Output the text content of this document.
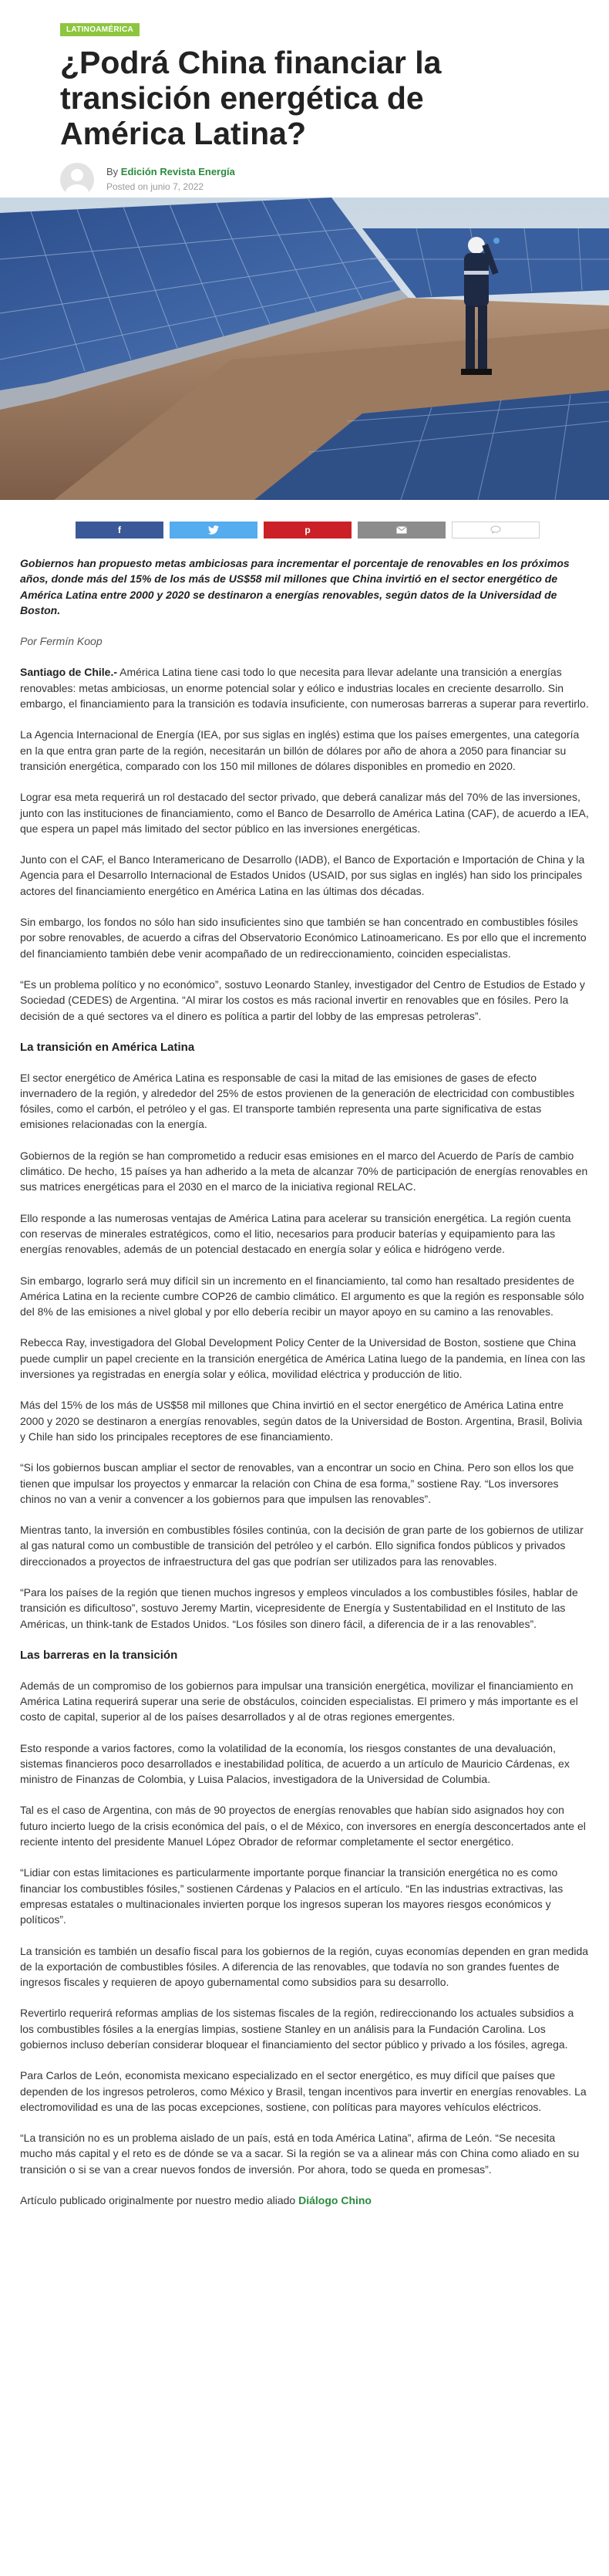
LATINOAMÉRICA
¿Podrá China financiar la transición energética de América Latina?
By Edición Revista Energía
Posted on junio 7, 2022
f	p

Gobiernos han propuesto metas ambiciosas para incrementar el porcentaje de renovables en los próximos años, donde más del 15% de los más de US$58 mil millones que China invirtió en el sector energético de América Latina entre 2000 y 2020 se destinaron a energías renovables, según datos de la Universidad de Boston.

Por Fermín Koop

Santiago de Chile.- América Latina tiene casi todo lo que necesita para llevar adelante una transición a energías renovables: metas ambiciosas, un enorme potencial solar y eólico e industrias locales en creciente desarrollo. Sin embargo, el financiamiento para la transición es todavía insuficiente, con numerosas barreras a superar para revertirlo.

La Agencia Internacional de Energía (IEA, por sus siglas en inglés) estima que los países emergentes, una categoría en la que entra gran parte de la región, necesitarán un billón de dólares por año de ahora a 2050 para financiar su transición energética, comparado con los 150 mil millones de dólares disponibles en promedio en 2020.

Lograr esa meta requerirá un rol destacado del sector privado, que deberá canalizar más del 70% de las inversiones, junto con las instituciones de financiamiento, como el Banco de Desarrollo de América Latina (CAF), de acuerdo a IEA, que espera un papel más limitado del sector público en las inversiones energéticas.

Junto con el CAF, el Banco Interamericano de Desarrollo (IADB), el Banco de Exportación e Importación de China y la Agencia para el Desarrollo Internacional de Estados Unidos (USAID, por sus siglas en inglés) han sido los principales actores del financiamiento energético en América Latina en las últimas dos décadas.

Sin embargo, los fondos no sólo han sido insuficientes sino que también se han concentrado en combustibles fósiles por sobre renovables, de acuerdo a cifras del Observatorio Económico Latinoamericano. Es por ello que el incremento del financiamiento también debe venir acompañado de un redireccionamiento, coinciden especialistas.

“Es un problema político y no económico”, sostuvo Leonardo Stanley, investigador del Centro de Estudios de Estado y Sociedad (CEDES) de Argentina. “Al mirar los costos es más racional invertir en renovables que en fósiles. Pero la decisión de a qué sectores va el dinero es política a partir del lobby de las empresas petroleras”.

La transición en América Latina

El sector energético de América Latina es responsable de casi la mitad de las emisiones de gases de efecto invernadero de la región, y alrededor del 25% de estos provienen de la generación de electricidad con combustibles fósiles, como el carbón, el petróleo y el gas. El transporte también representa una parte significativa de estas emisiones relacionadas con la energía.

Gobiernos de la región se han comprometido a reducir esas emisiones en el marco del Acuerdo de París de cambio climático. De hecho, 15 países ya han adherido a la meta de alcanzar 70% de participación de energías renovables en sus matrices energéticas para el 2030 en el marco de la iniciativa regional RELAC.

Ello responde a las numerosas ventajas de América Latina para acelerar su transición energética. La región cuenta con reservas de minerales estratégicos, como el litio, necesarios para producir baterías y equipamiento para las energías renovables, además de un potencial destacado en energía solar y eólica e hidrógeno verde.

Sin embargo, lograrlo será muy difícil sin un incremento en el financiamiento, tal como han resaltado presidentes de América Latina en la reciente cumbre COP26 de cambio climático. El argumento es que la región es responsable sólo del 8% de las emisiones a nivel global y por ello debería recibir un mayor apoyo en su camino a las renovables.

Rebecca Ray, investigadora del Global Development Policy Center de la Universidad de Boston, sostiene que China puede cumplir un papel creciente en la transición energética de América Latina luego de la pandemia, en línea con las inversiones ya registradas en energía solar y eólica, movilidad eléctrica y producción de litio.

Más del 15% de los más de US$58 mil millones que China invirtió en el sector energético de América Latina entre 2000 y 2020 se destinaron a energías renovables, según datos de la Universidad de Boston. Argentina, Brasil, Bolivia y Chile han sido los principales receptores de ese financiamiento.

“Si los gobiernos buscan ampliar el sector de renovables, van a encontrar un socio en China. Pero son ellos los que tienen que impulsar los proyectos y enmarcar la relación con China de esa forma,” sostiene Ray. “Los inversores chinos no van a venir a convencer a los gobiernos para que impulsen las renovables”.

Mientras tanto, la inversión en combustibles fósiles continúa, con la decisión de gran parte de los gobiernos de utilizar al gas natural como un combustible de transición del petróleo y el carbón. Ello significa fondos públicos y privados direccionados a proyectos de infraestructura del gas que podrían ser utilizados para las renovables.

“Para los países de la región que tienen muchos ingresos y empleos vinculados a los combustibles fósiles, hablar de transición es dificultoso”, sostuvo Jeremy Martin, vicepresidente de Energía y Sustentabilidad en el Instituto de las Américas, un think-tank de Estados Unidos. “Los fósiles son dinero fácil, a diferencia de ir a las renovables”.

Las barreras en la transición

Además de un compromiso de los gobiernos para impulsar una transición energética, movilizar el financiamiento en América Latina requerirá superar una serie de obstáculos, coinciden especialistas. El primero y más importante es el costo de capital, superior al de los países desarrollados y al de otras regiones emergentes.

Esto responde a varios factores, como la volatilidad de la economía, los riesgos constantes de una devaluación, sistemas financieros poco desarrollados e inestabilidad política, de acuerdo a un artículo de Mauricio Cárdenas, ex ministro de Finanzas de Colombia, y Luisa Palacios, investigadora de la Universidad de Columbia.

Tal es el caso de Argentina, con más de 90 proyectos de energías renovables que habían sido asignados hoy con futuro incierto luego de la crisis económica del país, o el de México, con inversores en energía desconcertados ante el reciente intento del presidente Manuel López Obrador de reformar completamente el sector energético.

“Lidiar con estas limitaciones es particularmente importante porque financiar la transición energética no es como financiar los combustibles fósiles,” sostienen Cárdenas y Palacios en el artículo. “En las industrias extractivas, las empresas estatales o multinacionales invierten porque los ingresos superan los mayores riesgos económicos y políticos”.

La transición es también un desafío fiscal para los gobiernos de la región, cuyas economías dependen en gran medida de la exportación de combustibles fósiles. A diferencia de las renovables, que todavía no son grandes fuentes de ingresos fiscales y requieren de apoyo gubernamental como subsidios para su desarrollo.

Revertirlo requerirá reformas amplias de los sistemas fiscales de la región, redireccionando los actuales subsidios a los combustibles fósiles a la energías limpias, sostiene Stanley en un análisis para la Fundación Carolina. Los gobiernos incluso deberían considerar bloquear el financiamiento del sector público y privado a los fósiles, agrega.

Para Carlos de León, economista mexicano especializado en el sector energético, es muy difícil que países que dependen de los ingresos petroleros, como México y Brasil, tengan incentivos para invertir en energías renovables. La electromovilidad es una de las pocas excepciones, sostiene, con políticas para mayores vehículos eléctricos.

“La transición no es un problema aislado de un país, está en toda América Latina”, afirma de León. “Se necesita mucho más capital y el reto es de dónde se va a sacar. Si la región se va a alinear más con China como aliado en su transición o si se van a crear nuevos fondos de inversión. Por ahora, todo se queda en promesas”.

Artículo publicado originalmente por nuestro medio aliado Diálogo Chino
